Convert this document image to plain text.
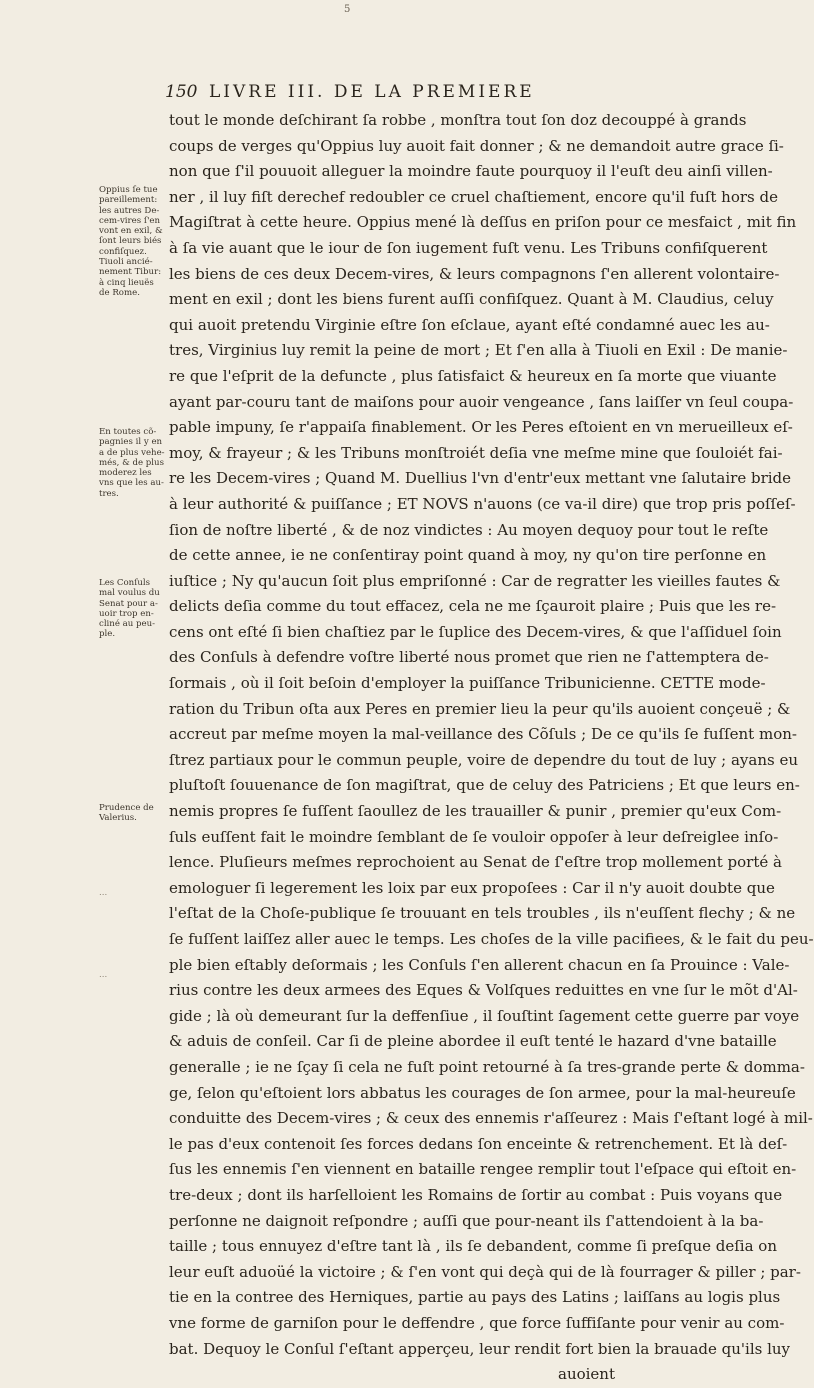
5
150 LIVRE III. DE LA PREMIERE
tout le monde deſchirant ſa robbe , monſtra tout ſon doz decouppé à grands
coups de verges qu'Oppius luy auoit fait donner ; & ne demandoit autre grace ſi-
non que ſ'il pouuoit alleguer la moindre faute pourquoy il l'euſt deu ainſi villen-
ner , il luy fiſt derechef redoubler ce cruel chaſtiement, encore qu'il fuſt hors de
Magiſtrat à cette heure. Oppius mené là deſſus en priſon pour ce mesfaict , mit fin
à ſa vie auant que le iour de ſon iugement fuſt venu. Les Tribuns confiſquerent
les biens de ces deux Decem-vires, & leurs compagnons ſ'en allerent volontaire-
ment en exil ; dont les biens furent auſſi confiſquez. Quant à M. Claudius, celuy
qui auoit pretendu Virginie eſtre ſon eſclaue, ayant eſté condamné auec les au-
tres, Virginius luy remit la peine de mort ; Et ſ'en alla à Tiuoli en Exil : De manie-
re que l'eſprit de la defuncte , plus ſatisfaict & heureux en ſa morte que viuante
ayant par-couru tant de maiſons pour auoir vengeance , ſans laiſſer vn ſeul coupa-
pable impuny, ſe r'appaiſa finablement. Or les Peres eſtoient en vn merueilleux eſ-
moy, & frayeur ; & les Tribuns monſtroiét deſia vne meſme mine que ſouloiét fai-
re les Decem-vires ; Quand M. Duellius l'vn d'entr'eux mettant vne ſalutaire bride
à leur authorité & puiſſance ; ET NOVS n'auons (ce va-il dire) que trop pris poſſeſ-
ſion de noſtre liberté , & de noz vindictes : Au moyen dequoy pour tout le reſte
de cette annee, ie ne conſentiray point quand à moy, ny qu'on tire perſonne en
iuſtice ; Ny qu'aucun ſoit plus empriſonné : Car de regratter les vieilles fautes &
delicts deſia comme du tout effacez, cela ne me ſçauroit plaire ; Puis que les re-
cens ont eſté ſi bien chaſtiez par le ſuplice des Decem-vires, & que l'aſſiduel ſoin
des Conſuls à defendre voſtre liberté nous promet que rien ne ſ'attemptera de-
ſormais , où il ſoit beſoin d'employer la puiſſance Tribunicienne. CETTE mode-
ration du Tribun oſta aux Peres en premier lieu la peur qu'ils auoient conçeuë ; &
accreut par meſme moyen la mal-veillance des Cõſuls ; De ce qu'ils ſe fuſſent mon-
ſtrez partiaux pour le commun peuple, voire de dependre du tout de luy ; ayans eu
pluſtoſt ſouuenance de ſon magiſtrat, que de celuy des Patriciens ; Et que leurs en-
nemis propres ſe fuſſent ſaoullez de les trauailler & punir , premier qu'eux Com-
ſuls euſſent fait le moindre ſemblant de ſe vouloir oppoſer à leur deſreiglee inſo-
lence. Pluſieurs meſmes reprochoient au Senat de ſ'eſtre trop mollement porté à
emologuer ſi legerement les loix par eux propoſees : Car il n'y auoit doubte que
l'eſtat de la Choſe-publique ſe trouuant en tels troubles , ils n'euſſent flechy ; & ne
ſe fuſſent laiſſez aller auec le temps. Les choſes de la ville pacifiees, & le fait du peu-
ple bien eſtably deſormais ; les Conſuls ſ'en allerent chacun en ſa Prouince : Vale-
rius contre les deux armees des Eques & Volſques reduittes en vne ſur le mõt d'Al-
gide ; là où demeurant ſur la deffenſiue , il ſouſtint ſagement cette guerre par voye
& aduis de conſeil. Car ſi de pleine abordee il euſt tenté le hazard d'vne bataille
generalle ; ie ne ſçay ſi cela ne fuſt point retourné à ſa tres-grande perte & domma-
ge, ſelon qu'eſtoient lors abbatus les courages de ſon armee, pour la mal-heureuſe
conduitte des Decem-vires ; & ceux des ennemis r'aſſeurez : Mais ſ'eſtant logé à mil-
le pas d'eux contenoit ſes forces dedans ſon enceinte & retrenchement. Et là deſ-
ſus les ennemis ſ'en viennent en bataille rengee remplir tout l'eſpace qui eſtoit en-
tre-deux ; dont ils harſelloient les Romains de ſortir au combat : Puis voyans que
perſonne ne daignoit reſpondre ; auſſi que pour-neant ils ſ'attendoient à la ba-
taille ; tous ennuyez d'eſtre tant là , ils ſe debandent, comme ſi preſque deſia on
leur euſt aduoüé la victoire ; & ſ'en vont qui deçà qui de là fourrager & piller ; par-
tie en la contree des Herniques, partie au pays des Latins ; laiſſans au logis plus
vne forme de garniſon pour le deffendre , que force ſuffiſante pour venir au com-
bat. Dequoy le Conſul ſ'eſtant apperçeu, leur rendit fort bien la brauade qu'ils luy
auoient
Oppius ſe tue
pareillement:
les autres De-
cem-vires ſ'en
vont en exil, &
ſont leurs biés
confiſquez.
Tiuoli ancié-
nement Tibur:
à cinq lieuës
de Rome.
En toutes cõ-
pagnies il y en
a de plus vehe-
més, & de plus
moderez les
vns que les au-
tres.
Les Conſuls
mal voulus du
Senat pour a-
uoir trop en-
cliné au peu-
ple.
Prudence de
Valerius.
...
...
